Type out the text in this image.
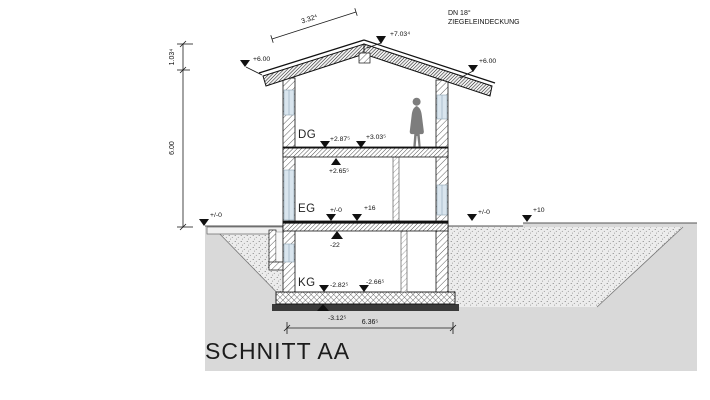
1.03⁴
6.00
3.32⁴
6.36⁵
+7.03⁴
+6.00	+6.00
+2.87⁵ +3.03⁵
+2.65⁵
+/-0	+16
-22
-2.82⁵	-2.66⁵
-3.12⁵
+/-0	+/-0	+10
DG
EG
KG
DN 18°
ZIEGELEINDECKUNG
SCHNITT AA
